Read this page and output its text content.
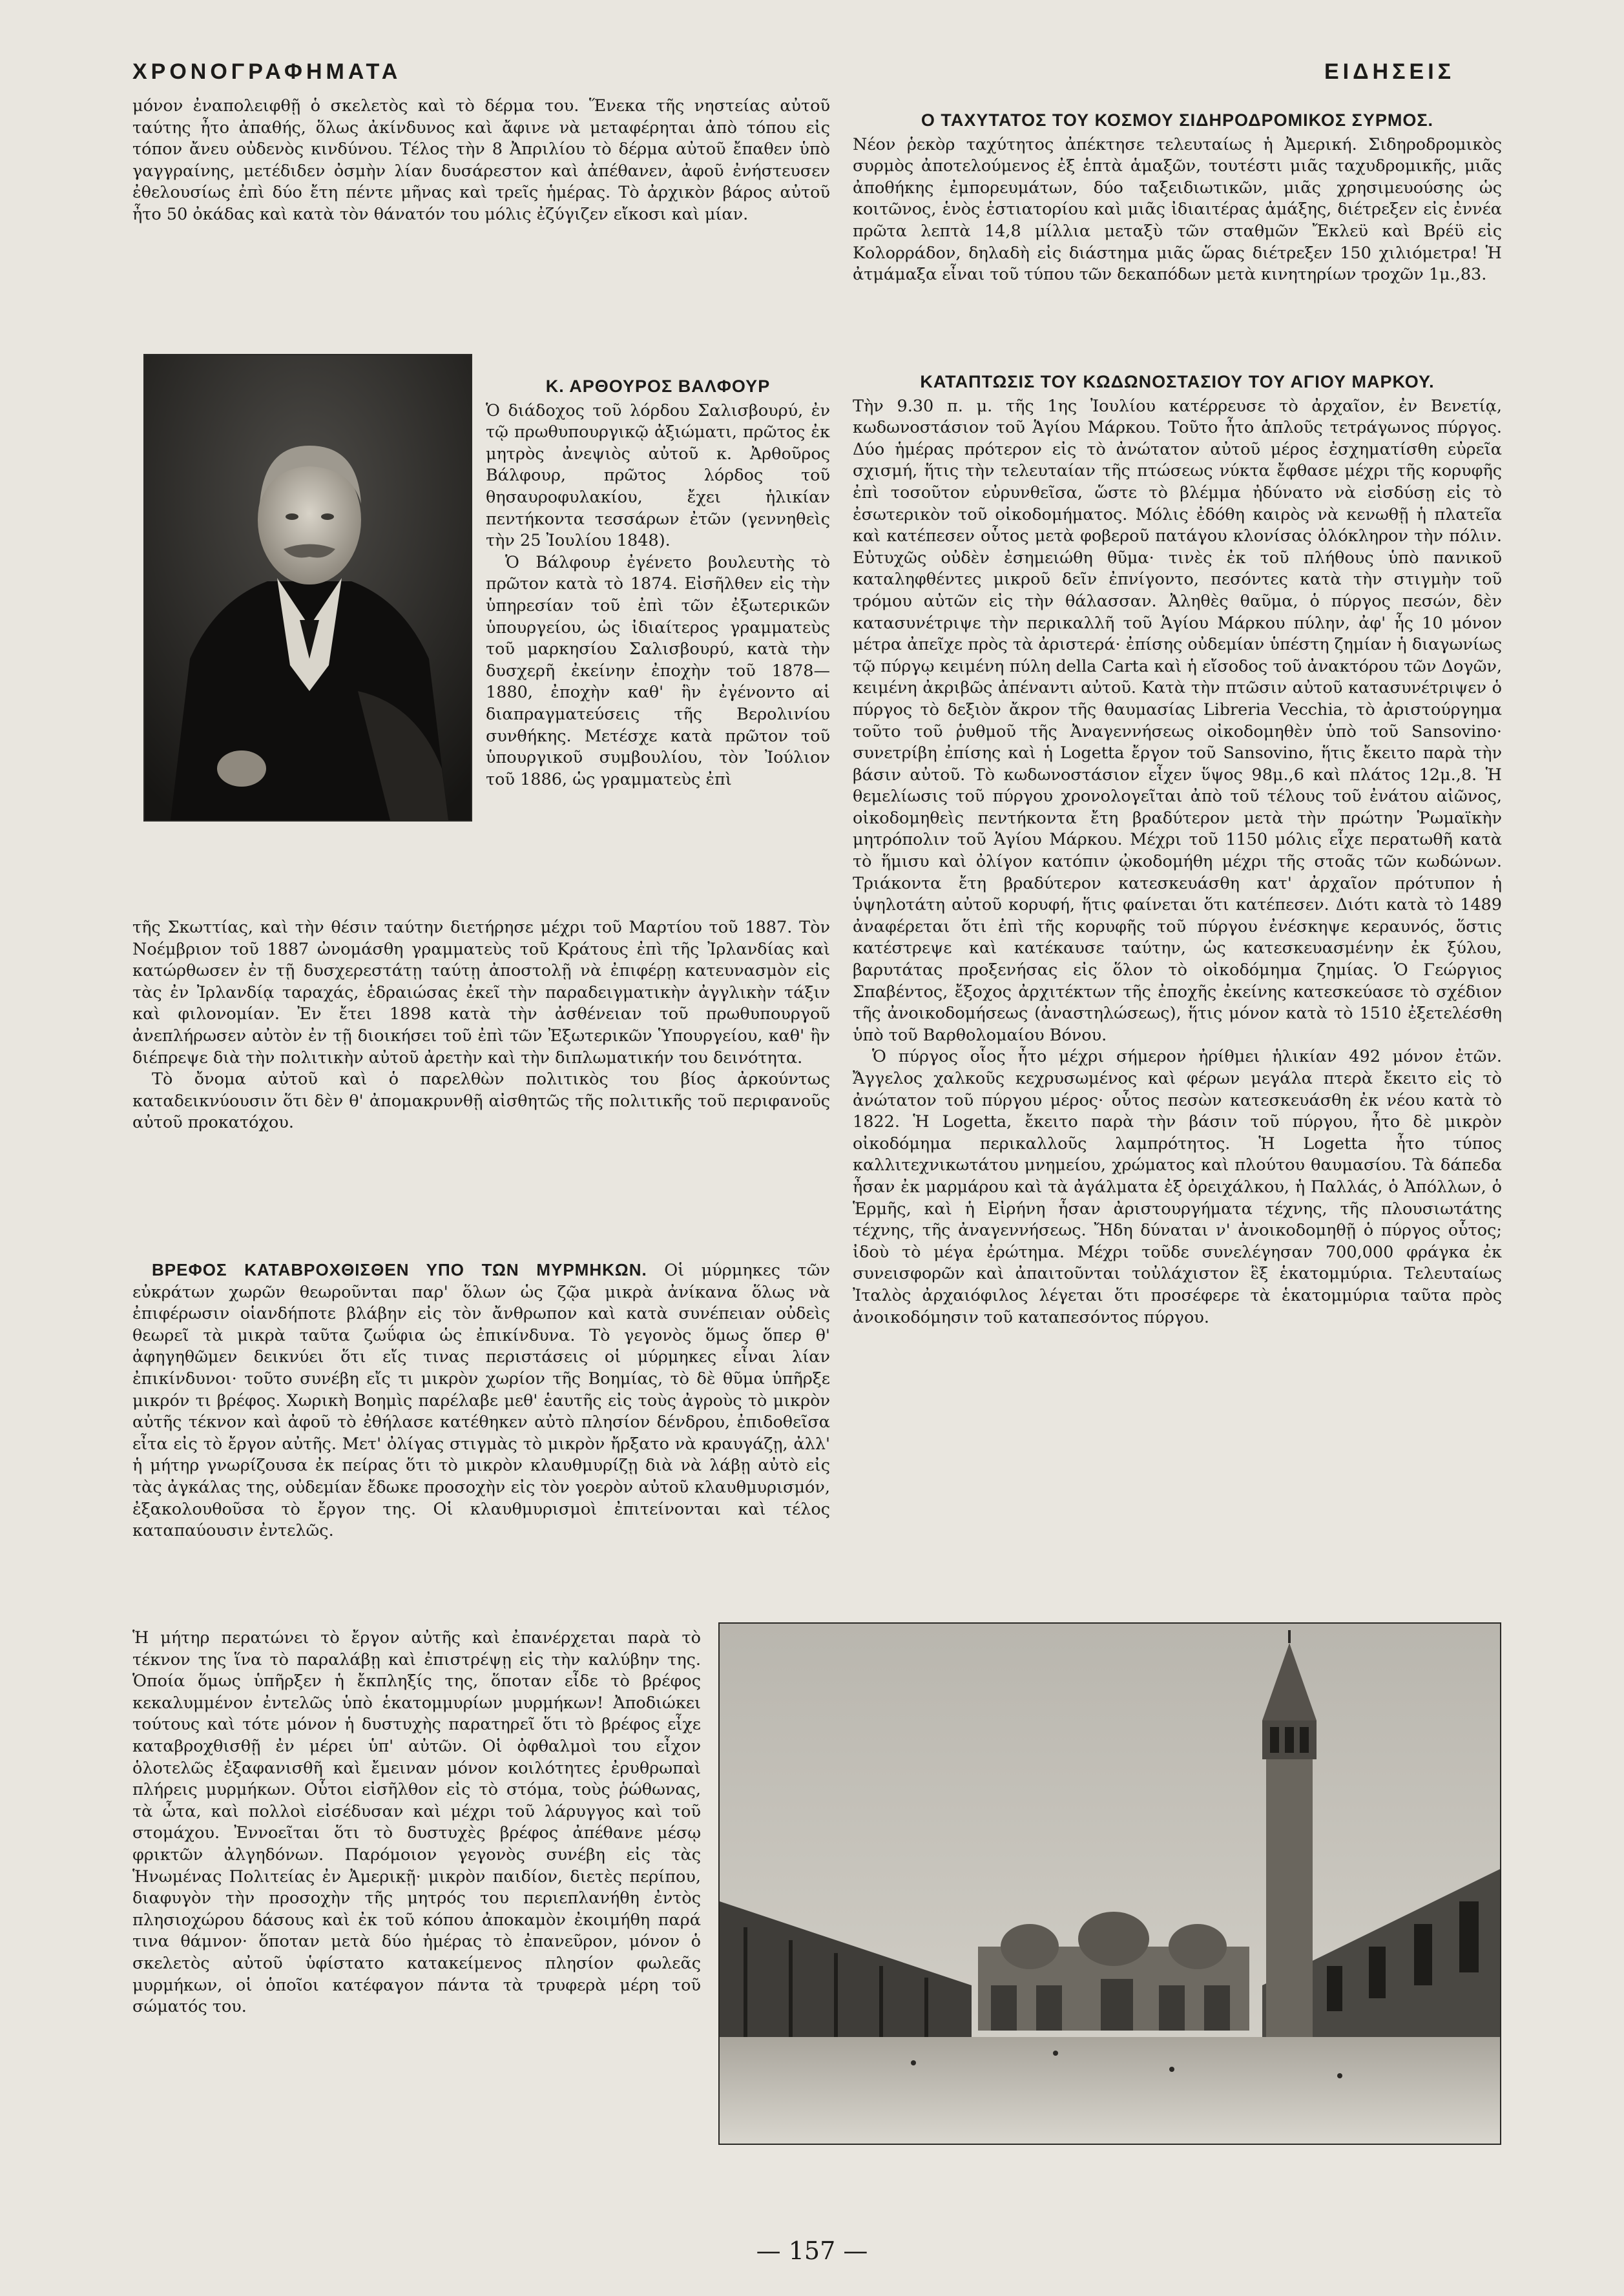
ΧΡΟΝΟΓΡΑΦΗΜΑΤΑ	ΕΙΔΗΣΕΙΣ

μόνον ἐναπολειφθῇ ὁ σκελετὸς καὶ τὸ δέρμα του. Ἕνεκα τῆς νηστείας αὐτοῦ ταύτης ἦτο ἀπαθής, ὅλως ἀκίνδυνος καὶ ἄφινε νὰ μεταφέρηται ἀπὸ τόπου εἰς τόπον ἄνευ οὐδενὸς κινδύνου. Τέλος τὴν 8 Ἀπριλίου τὸ δέρμα αὐτοῦ ἔπαθεν ὑπὸ γαγγραίνης, μετέδιδεν ὀσμὴν λίαν δυσάρεστον καὶ ἀπέθανεν, ἀφοῦ ἐνήστευσεν ἐθελουσίως ἐπὶ δύο ἔτη πέντε μῆνας καὶ τρεῖς ἡμέρας. Τὸ ἀρχικὸν βάρος αὐτοῦ ἦτο 50 ὀκάδας καὶ κατὰ τὸν θάνατόν του μόλις ἐζύγιζεν εἴκοσι καὶ μίαν.

Κ. ΑΡΘΟΥΡΟΣ ΒΑΛΦΟΥΡ

Ὁ διάδοχος τοῦ λόρδου Σαλισβουρύ, ἐν τῷ πρωθυπουργικῷ ἀξιώματι, πρῶτος ἐκ μητρὸς ἀνεψιὸς αὐτοῦ κ. Ἀρθοῦρος Βάλφουρ, πρῶτος λόρδος τοῦ θησαυροφυλακίου, ἔχει ἡλικίαν πεντήκοντα τεσσάρων ἐτῶν (γεννηθεὶς τὴν 25 Ἰουλίου 1848).

Ὁ Βάλφουρ ἐγένετο βουλευτὴς τὸ πρῶτον κατὰ τὸ 1874. Εἰσῆλθεν εἰς τὴν ὑπηρεσίαν τοῦ ἐπὶ τῶν ἐξωτερικῶν ὑπουργείου, ὡς ἰδιαίτερος γραμματεὺς τοῦ μαρκησίου Σαλισβουρύ, κατὰ τὴν δυσχερῆ ἐκείνην ἐποχὴν τοῦ 1878—1880, ἐποχὴν καθ' ἣν ἐγένοντο αἱ διαπραγματεύσεις τῆς Βερολινίου συνθήκης. Μετέσχε κατὰ πρῶτον τοῦ ὑπουργικοῦ συμβουλίου, τὸν Ἰούλιον τοῦ 1886, ὡς γραμματεὺς ἐπὶ

τῆς Σκωττίας, καὶ τὴν θέσιν ταύτην διετήρησε μέχρι τοῦ Μαρτίου τοῦ 1887. Τὸν Νοέμβριον τοῦ 1887 ὠνομάσθη γραμματεὺς τοῦ Κράτους ἐπὶ τῆς Ἰρλανδίας καὶ κατώρθωσεν ἐν τῇ δυσχερεστάτῃ ταύτῃ ἀποστολῇ νὰ ἐπιφέρῃ κατευνασμὸν εἰς τὰς ἐν Ἰρλανδίᾳ ταραχάς, ἑδραιώσας ἐκεῖ τὴν παραδειγματικὴν ἀγγλικὴν τάξιν καὶ φιλονομίαν. Ἐν ἔτει 1898 κατὰ τὴν ἀσθένειαν τοῦ πρωθυπουργοῦ ἀνεπλήρωσεν αὐτὸν ἐν τῇ διοικήσει τοῦ ἐπὶ τῶν Ἐξωτερικῶν Ὑπουργείου, καθ' ἣν διέπρεψε διὰ τὴν πολιτικὴν αὐτοῦ ἀρετὴν καὶ τὴν διπλωματικήν του δεινότητα.

Τὸ ὄνομα αὐτοῦ καὶ ὁ παρελθὼν πολιτικὸς του βίος ἀρκούντως καταδεικνύουσιν ὅτι δὲν θ' ἀπομακρυνθῇ αἰσθητῶς τῆς πολιτικῆς τοῦ περιφανοῦς αὐτοῦ προκατόχου.

ΒΡΕΦΟΣ ΚΑΤΑΒΡΟΧΘΙΣΘΕΝ ΥΠΟ ΤΩΝ ΜΥΡΜΗΚΩΝ. Οἱ μύρμηκες τῶν εὐκράτων χωρῶν θεωροῦνται παρ' ὅλων ὡς ζῷα μικρὰ ἀνίκανα ὅλως νὰ ἐπιφέρωσιν οἱανδήποτε βλάβην εἰς τὸν ἄνθρωπον καὶ κατὰ συνέπειαν οὐδεὶς θεωρεῖ τὰ μικρὰ ταῦτα ζωΰφια ὡς ἐπικίνδυνα. Τὸ γεγονὸς ὅμως ὅπερ θ' ἀφηγηθῶμεν δεικνύει ὅτι εἴς τινας περιστάσεις οἱ μύρμηκες εἶναι λίαν ἐπικίνδυνοι· τοῦτο συνέβη εἴς τι μικρὸν χωρίον τῆς Βοημίας, τὸ δὲ θῦμα ὑπῆρξε μικρόν τι βρέφος. Χωρικὴ Βοημὶς παρέλαβε μεθ' ἑαυτῆς εἰς τοὺς ἀγροὺς τὸ μικρὸν αὐτῆς τέκνον καὶ ἀφοῦ τὸ ἐθήλασε κατέθηκεν αὐτὸ πλησίον δένδρου, ἐπιδοθεῖσα εἶτα εἰς τὸ ἔργον αὐτῆς. Μετ' ὀλίγας στιγμὰς τὸ μικρὸν ἤρξατο νὰ κραυγάζῃ, ἀλλ' ἡ μήτηρ γνωρίζουσα ἐκ πείρας ὅτι τὸ μικρὸν κλαυθμυρίζῃ διὰ νὰ λάβῃ αὐτὸ εἰς τὰς ἀγκάλας της, οὐδεμίαν ἔδωκε προσοχὴν εἰς τὸν γοερὸν αὐτοῦ κλαυθμυρισμόν, ἐξακολουθοῦσα τὸ ἔργον της. Οἱ κλαυθμυρισμοὶ ἐπιτείνονται καὶ τέλος καταπαύουσιν ἐντελῶς.

Ἡ μήτηρ περατώνει τὸ ἔργον αὐτῆς καὶ ἐπανέρχεται παρὰ τὸ τέκνον της ἵνα τὸ παραλάβῃ καὶ ἐπιστρέψῃ εἰς τὴν καλύβην της. Ὁποία ὅμως ὑπῆρξεν ἡ ἔκπληξίς της, ὅποταν εἶδε τὸ βρέφος κεκαλυμμένον ἐντελῶς ὑπὸ ἑκατομμυρίων μυρμήκων! Ἀποδιώκει τούτους καὶ τότε μόνον ἡ δυστυχὴς παρατηρεῖ ὅτι τὸ βρέφος εἶχε καταβροχθισθῇ ἐν μέρει ὑπ' αὐτῶν. Οἱ ὀφθαλμοὶ του εἶχον ὁλοτελῶς ἐξαφανισθῆ καὶ ἔμειναν μόνον κοιλότητες ἐρυθρωπαὶ πλήρεις μυρμήκων. Οὗτοι εἰσῆλθον εἰς τὸ στόμα, τοὺς ῥώθωνας, τὰ ὦτα, καὶ πολλοὶ εἰσέδυσαν καὶ μέχρι τοῦ λάρυγγος καὶ τοῦ στομάχου. Ἐννοεῖται ὅτι τὸ δυστυχὲς βρέφος ἀπέθανε μέσῳ φρικτῶν ἀλγηδόνων. Παρόμοιον γεγονὸς συνέβη εἰς τὰς Ἡνωμένας Πολιτείας ἐν Ἀμερικῇ· μικρὸν παιδίον, διετὲς περίπου, διαφυγὸν τὴν προσοχὴν τῆς μητρός του περιεπλανήθη ἐντὸς πλησιοχώρου δάσους καὶ ἐκ τοῦ κόπου ἀποκαμὸν ἐκοιμήθη παρά τινα θάμνον· ὅποταν μετὰ δύο ἡμέρας τὸ ἐπανεῦρον, μόνον ὁ σκελετὸς αὐτοῦ ὑφίστατο κατακείμενος πλησίον φωλεᾶς μυρμήκων, οἱ ὁποῖοι κατέφαγον πάντα τὰ τρυφερὰ μέρη τοῦ σώματός του.

Ο ΤΑΧΥΤΑΤΟΣ ΤΟΥ ΚΟΣΜΟΥ ΣΙΔΗΡΟΔΡΟΜΙΚΟΣ ΣΥΡΜΟΣ.

Νέον ῥεκὸρ ταχύτητος ἀπέκτησε τελευταίως ἡ Ἀμερική. Σιδηροδρομικὸς συρμὸς ἀποτελούμενος ἐξ ἑπτὰ ἁμαξῶν, τουτέστι μιᾶς ταχυδρομικῆς, μιᾶς ἀποθήκης ἐμπορευμάτων, δύο ταξειδιωτικῶν, μιᾶς χρησιμευούσης ὡς κοιτῶνος, ἑνὸς ἑστιατορίου καὶ μιᾶς ἰδιαιτέρας ἁμάξης, διέτρεξεν εἰς ἐννέα πρῶτα λεπτὰ 14,8 μίλλια μεταξὺ τῶν σταθμῶν Ἔκλεϋ καὶ Βρέϋ εἰς Κολορράδον, δηλαδὴ εἰς διάστημα μιᾶς ὥρας διέτρεξεν 150 χιλιόμετρα! Ἡ ἀτμάμαξα εἶναι τοῦ τύπου τῶν δεκαπόδων μετὰ κινητηρίων τροχῶν 1μ.,83.

ΚΑΤΑΠΤΩΣΙΣ ΤΟΥ ΚΩΔΩΝΟΣΤΑΣΙΟΥ ΤΟΥ ΑΓΙΟΥ ΜΑΡΚΟΥ.

Τὴν 9.30 π. μ. τῆς 1ης Ἰουλίου κατέρρευσε τὸ ἀρχαῖον, ἐν Βενετίᾳ, κωδωνοστάσιον τοῦ Ἁγίου Μάρκου. Τοῦτο ἦτο ἁπλοῦς τετράγωνος πύργος. Δύο ἡμέρας πρότερον εἰς τὸ ἀνώτατον αὐτοῦ μέρος ἐσχηματίσθη εὐρεῖα σχισμή, ἥτις τὴν τελευταίαν τῆς πτώσεως νύκτα ἔφθασε μέχρι τῆς κορυφῆς ἐπὶ τοσοῦτον εὐρυνθεῖσα, ὥστε τὸ βλέμμα ἠδύνατο νὰ εἰσδύσῃ εἰς τὸ ἐσωτερικὸν τοῦ οἰκοδομήματος. Μόλις ἐδόθη καιρὸς νὰ κενωθῇ ἡ πλατεῖα καὶ κατέπεσεν οὗτος μετὰ φοβεροῦ πατάγου κλονίσας ὁλόκληρον τὴν πόλιν. Εὐτυχῶς οὐδὲν ἐσημειώθη θῦμα· τινὲς ἐκ τοῦ πλήθους ὑπὸ πανικοῦ καταληφθέντες μικροῦ δεῖν ἐπνίγοντο, πεσόντες κατὰ τὴν στιγμὴν τοῦ τρόμου αὐτῶν εἰς τὴν θάλασσαν. Ἀληθὲς θαῦμα, ὁ πύργος πεσών, δὲν κατασυνέτριψε τὴν περικαλλῆ τοῦ Ἁγίου Μάρκου πύλην, ἀφ' ἧς 10 μόνον μέτρα ἀπεῖχε πρὸς τὰ ἀριστερά· ἐπίσης οὐδεμίαν ὑπέστη ζημίαν ἡ διαγωνίως τῷ πύργῳ κειμένη πύλη della Carta καὶ ἡ εἴσοδος τοῦ ἀνακτόρου τῶν Δογῶν, κειμένη ἀκριβῶς ἀπέναντι αὐτοῦ. Κατὰ τὴν πτῶσιν αὐτοῦ κατασυνέτριψεν ὁ πύργος τὸ δεξιὸν ἄκρον τῆς θαυμασίας Libreria Vecchia, τὸ ἀριστούργημα τοῦτο τοῦ ῥυθμοῦ τῆς Ἀναγεννήσεως οἰκοδομηθὲν ὑπὸ τοῦ Sansovino· συνετρίβη ἐπίσης καὶ ἡ Logetta ἔργον τοῦ Sansovino, ἥτις ἔκειτο παρὰ τὴν βάσιν αὐτοῦ. Τὸ κωδωνοστάσιον εἶχεν ὕψος 98μ.,6 καὶ πλάτος 12μ.,8. Ἡ θεμελίωσις τοῦ πύργου χρονολογεῖται ἀπὸ τοῦ τέλους τοῦ ἐνάτου αἰῶνος, οἰκοδομηθεὶς πεντήκοντα ἔτη βραδύτερον μετὰ τὴν πρώτην Ῥωμαϊκὴν μητρόπολιν τοῦ Ἁγίου Μάρκου. Μέχρι τοῦ 1150 μόλις εἶχε περατωθῆ κατὰ τὸ ἥμισυ καὶ ὀλίγον κατόπιν ᾠκοδομήθη μέχρι τῆς στοᾶς τῶν κωδώνων. Τριάκοντα ἔτη βραδύτερον κατεσκευάσθη κατ' ἀρχαῖον πρότυπον ἡ ὑψηλοτάτη αὐτοῦ κορυφή, ἥτις φαίνεται ὅτι κατέπεσεν. Διότι κατὰ τὸ 1489 ἀναφέρεται ὅτι ἐπὶ τῆς κορυφῆς τοῦ πύργου ἐνέσκηψε κεραυνός, ὅστις κατέστρεψε καὶ κατέκαυσε ταύτην, ὡς κατεσκευασμένην ἐκ ξύλου, βαρυτάτας προξενήσας εἰς ὅλον τὸ οἰκοδόμημα ζημίας. Ὁ Γεώργιος Σπαβέντος, ἔξοχος ἀρχιτέκτων τῆς ἐποχῆς ἐκείνης κατεσκεύασε τὸ σχέδιον τῆς ἀνοικοδομήσεως (ἀναστηλώσεως), ἥτις μόνον κατὰ τὸ 1510 ἐξετελέσθη ὑπὸ τοῦ Βαρθολομαίου Βόνου.

Ὁ πύργος οἷος ἦτο μέχρι σήμερον ἠρίθμει ἡλικίαν 492 μόνον ἐτῶν. Ἄγγελος χαλκοῦς κεχρυσωμένος καὶ φέρων μεγάλα πτερὰ ἔκειτο εἰς τὸ ἀνώτατον τοῦ πύργου μέρος· οὗτος πεσὼν κατεσκευάσθη ἐκ νέου κατὰ τὸ 1822. Ἡ Logetta, ἔκειτο παρὰ τὴν βάσιν τοῦ πύργου, ἦτο δὲ μικρὸν οἰκοδόμημα περικαλλοῦς λαμπρότητος. Ἡ Logetta ἦτο τύπος καλλιτεχνικωτάτου μνημείου, χρώματος καὶ πλούτου θαυμασίου. Τὰ δάπεδα ἦσαν ἐκ μαρμάρου καὶ τὰ ἀγάλματα ἐξ ὀρειχάλκου, ἡ Παλλάς, ὁ Ἀπόλλων, ὁ Ἑρμῆς, καὶ ἡ Εἰρήνη ἦσαν ἀριστουργήματα τέχνης, τῆς πλουσιωτάτης τέχνης, τῆς ἀναγεννήσεως. Ἤδη δύναται ν' ἀνοικοδομηθῇ ὁ πύργος οὗτος; ἰδοὺ τὸ μέγα ἐρώτημα. Μέχρι τοῦδε συνελέγησαν 700,000 φράγκα ἐκ συνεισφορῶν καὶ ἀπαιτοῦνται τοὐλάχιστον ἓξ ἑκατομμύρια. Τελευταίως Ἰταλὸς ἀρχαιόφιλος λέγεται ὅτι προσέφερε τὰ ἑκατομμύρια ταῦτα πρὸς ἀνοικοδόμησιν τοῦ καταπεσόντος πύργου.

— 157 —
